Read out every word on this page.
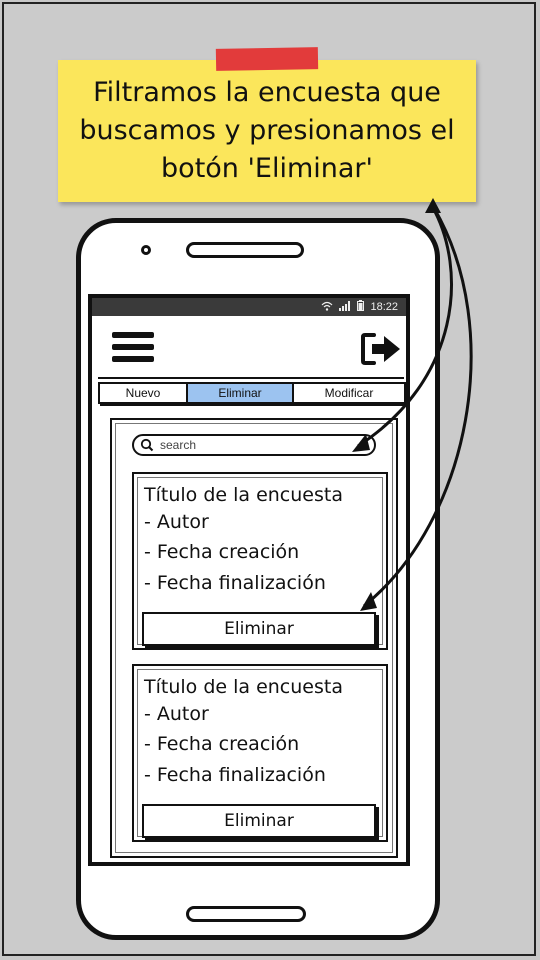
Filtramos la encuesta que buscamos y presionamos el botón 'Eliminar'
18:22
Nuevo	Eliminar	Modificar
search
Título de la encuesta
- Autor
- Fecha creación
- Fecha finalización
Eliminar
Título de la encuesta
- Autor
- Fecha creación
- Fecha finalización
Eliminar
